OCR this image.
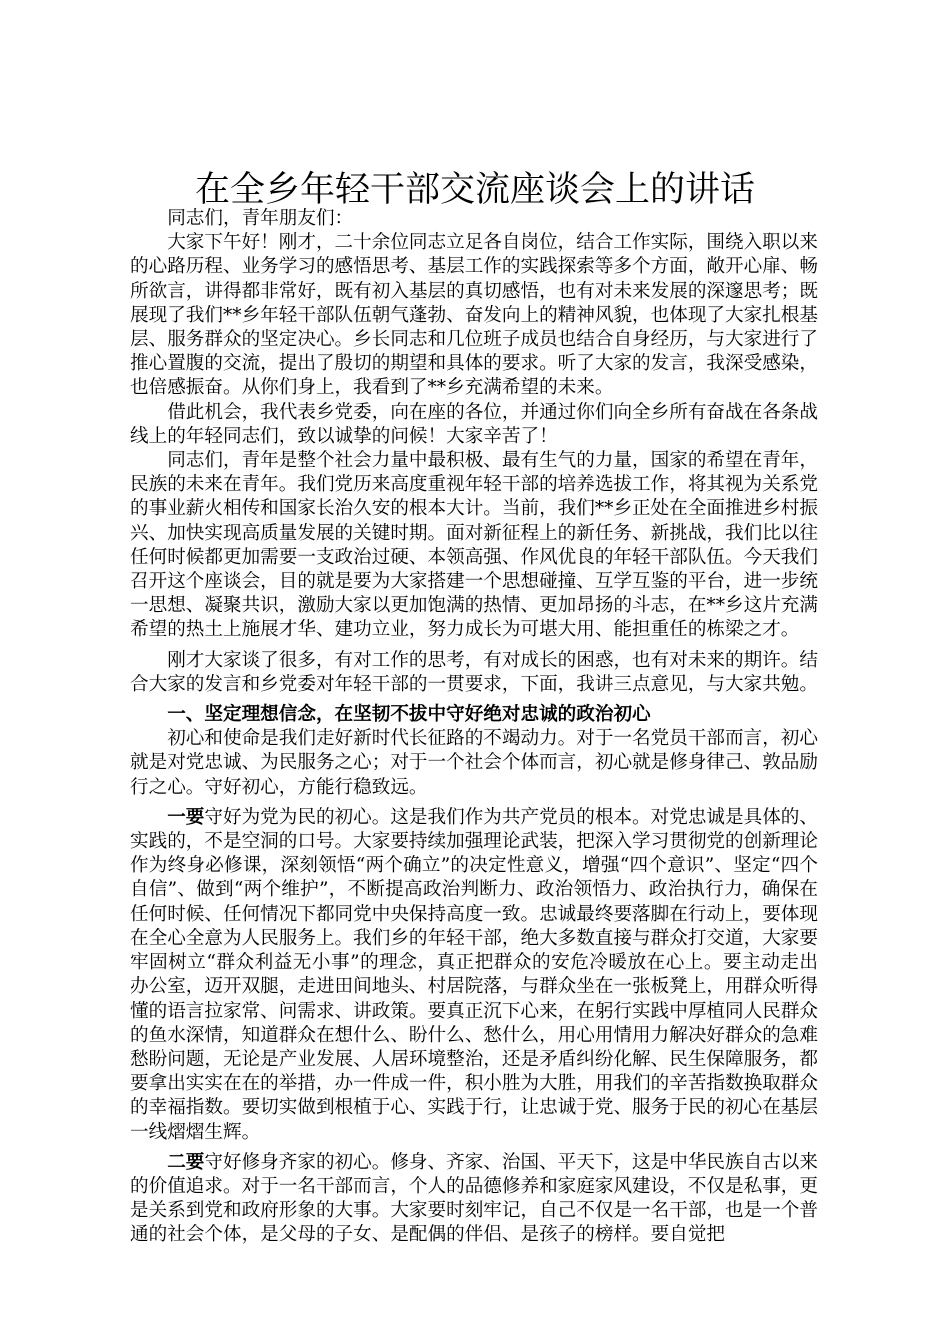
在全乡年轻干部交流座谈会上的讲话

同志们，青年朋友们：

大家下午好！刚才，二十余位同志立足各自岗位，结合工作实际，围绕入职以来的心路历程、业务学习的感悟思考、基层工作的实践探索等多个方面，敞开心扉、畅所欲言，讲得都非常好，既有初入基层的真切感悟，也有对未来发展的深邃思考；既展现了我们**乡年轻干部队伍朝气蓬勃、奋发向上的精神风貌，也体现了大家扎根基层、服务群众的坚定决心。乡长同志和几位班子成员也结合自身经历，与大家进行了推心置腹的交流，提出了殷切的期望和具体的要求。听了大家的发言，我深受感染，也倍感振奋。从你们身上，我看到了**乡充满希望的未来。

借此机会，我代表乡党委，向在座的各位，并通过你们向全乡所有奋战在各条战线上的年轻同志们，致以诚挚的问候！大家辛苦了！

同志们，青年是整个社会力量中最积极、最有生气的力量，国家的希望在青年，民族的未来在青年。我们党历来高度重视年轻干部的培养选拔工作，将其视为关系党的事业薪火相传和国家长治久安的根本大计。当前，我们**乡正处在全面推进乡村振兴、加快实现高质量发展的关键时期。面对新征程上的新任务、新挑战，我们比以往任何时候都更加需要一支政治过硬、本领高强、作风优良的年轻干部队伍。今天我们召开这个座谈会，目的就是要为大家搭建一个思想碰撞、互学互鉴的平台，进一步统一思想、凝聚共识，激励大家以更加饱满的热情、更加昂扬的斗志，在**乡这片充满希望的热土上施展才华、建功立业，努力成长为可堪大用、能担重任的栋梁之才。

刚才大家谈了很多，有对工作的思考，有对成长的困惑，也有对未来的期许。结合大家的发言和乡党委对年轻干部的一贯要求，下面，我讲三点意见，与大家共勉。

一、坚定理想信念，在坚韧不拔中守好绝对忠诚的政治初心

初心和使命是我们走好新时代长征路的不竭动力。对于一名党员干部而言，初心就是对党忠诚、为民服务之心；对于一个社会个体而言，初心就是修身律己、敦品励行之心。守好初心，方能行稳致远。

一要守好为党为民的初心。这是我们作为共产党员的根本。对党忠诚是具体的、实践的，不是空洞的口号。大家要持续加强理论武装，把深入学习贯彻党的创新理论作为终身必修课，深刻领悟“两个确立”的决定性意义，增强“四个意识”、坚定“四个自信”、做到“两个维护”，不断提高政治判断力、政治领悟力、政治执行力，确保在任何时候、任何情况下都同党中央保持高度一致。忠诚最终要落脚在行动上，要体现在全心全意为人民服务上。我们乡的年轻干部，绝大多数直接与群众打交道，大家要牢固树立“群众利益无小事”的理念，真正把群众的安危冷暖放在心上。要主动走出办公室，迈开双腿，走进田间地头、村居院落，与群众坐在一张板凳上，用群众听得懂的语言拉家常、问需求、讲政策。要真正沉下心来，在躬行实践中厚植同人民群众的鱼水深情，知道群众在想什么、盼什么、愁什么，用心用情用力解决好群众的急难愁盼问题，无论是产业发展、人居环境整治，还是矛盾纠纷化解、民生保障服务，都要拿出实实在在的举措，办一件成一件，积小胜为大胜，用我们的辛苦指数换取群众的幸福指数。要切实做到根植于心、实践于行，让忠诚于党、服务于民的初心在基层一线熠熠生辉。

二要守好修身齐家的初心。修身、齐家、治国、平天下，这是中华民族自古以来的价值追求。对于一名干部而言，个人的品德修养和家庭家风建设，不仅是私事，更是关系到党和政府形象的大事。大家要时刻牢记，自己不仅是一名干部，也是一个普通的社会个体，是父母的子女、是配偶的伴侣、是孩子的榜样。要自觉把
